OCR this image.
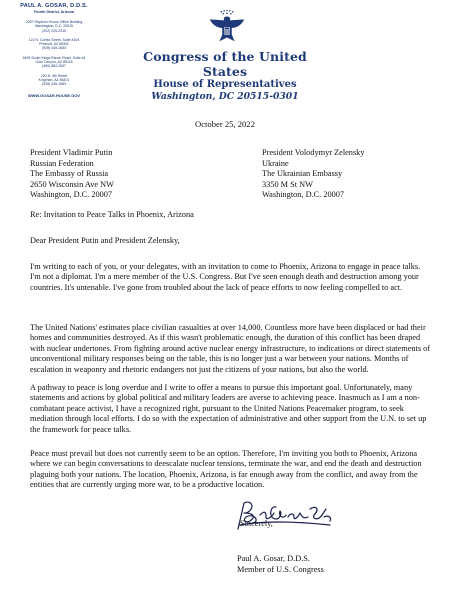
PAUL A. GOSAR, D.D.S.
Fourth District, Arizona
2057 Rayburn House Office Building
Washington, D.C. 20515
(202) 225-2315
122 N. Cortez Street, Suite #104
Prescott, AZ 86301
(928) 445-1683
6499 South Kings Ranch Road, Suite #4
Gold Canyon, AZ 85118
(480) 882-2697
220 N. 4th Street
Kingman, AZ 86401
(928) 445-1683
WWW.GOSAR.HOUSE.GOV
Congress of the United States
House of Representatives
Washington, DC 20515-0301
October 25, 2022
President Vladimir Putin
Russian Federation
The Embassy of Russia
2650 Wisconsin Ave NW
Washington, D.C. 20007
President Volodymyr Zelensky
Ukraine
The Ukrainian Embassy
3350 M St NW
Washington, D.C. 20007
Re: Invitation to Peace Talks in Phoenix, Arizona
Dear President Putin and President Zelensky,
I'm writing to each of you, or your delegates, with an invitation to come to Phoenix, Arizona to engage in peace talks. I'm not a diplomat. I'm a mere member of the U.S. Congress. But I've seen enough death and destruction among your countries. It's untenable. I've gone from troubled about the lack of peace efforts to now feeling compelled to act.
The United Nations' estimates place civilian casualties at over 14,000. Countless more have been displaced or had their homes and communities destroyed. As if this wasn't problematic enough, the duration of this conflict has been draped with nuclear undertones. From fighting around active nuclear energy infrastructure, to indications or direct statements of unconventional military responses being on the table, this is no longer just a war between your nations. Months of escalation in weaponry and rhetoric endangers not just the citizens of your nations, but also the world.
A pathway to peace is long overdue and I write to offer a means to pursue this important goal. Unfortunately, many statements and actions by global political and military leaders are averse to achieving peace. Inasmuch as I am a non-combatant peace activist, I have a recognized right, pursuant to the United Nations Peacemaker program, to seek mediation through local efforts. I do so with the expectation of administrative and other support from the U.N. to set up the framework for peace talks.
Peace must prevail but does not currently seem to be an option. Therefore, I'm inviting you both to Phoenix, Arizona where we can begin conversations to deescalate nuclear tensions, terminate the war, and end the death and destruction plaguing both your nations. The location, Phoenix, Arizona, is far enough away from the conflict, and away from the entities that are currently urging more war, to be a productive location.
Sincerely,
Paul A. Gosar, D.D.S.
Member of U.S. Congress
